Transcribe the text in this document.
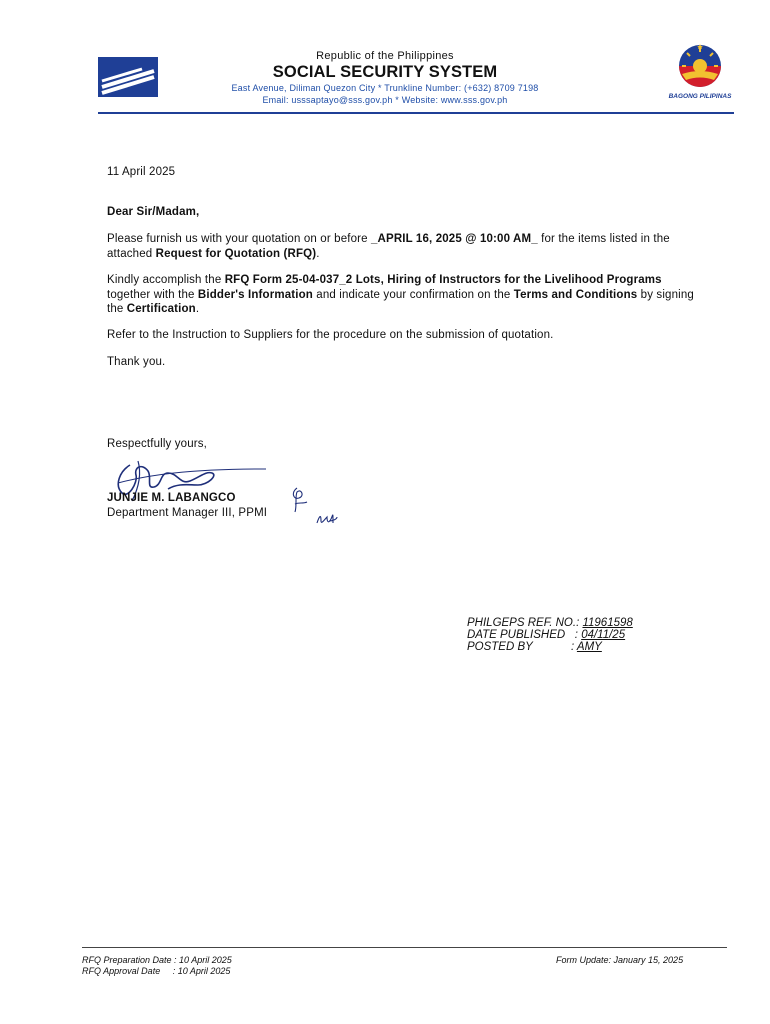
Republic of the Philippines
SOCIAL SECURITY SYSTEM
East Avenue, Diliman Quezon City * Trunkline Number: (+632) 8709 7198
Email: usssaptayo@sss.gov.ph * Website: www.sss.gov.ph	BAGONG PILIPINAS
11 April 2025
Dear Sir/Madam,
Please furnish us with your quotation on or before _APRIL 16, 2025 @ 10:00 AM_ for the items listed in the attached Request for Quotation (RFQ).
Kindly accomplish the RFQ Form 25-04-037_2 Lots, Hiring of Instructors for the Livelihood Programs together with the Bidder's Information and indicate your confirmation on the Terms and Conditions by signing the Certification.
Refer to the Instruction to Suppliers for the procedure on the submission of quotation.
Thank you.
Respectfully yours,
JUNJIE M. LABANGCO
Department Manager III, PPMI
PHILGEPS REF. NO.: 11961598
DATE PUBLISHED   : 04/11/25
POSTED BY            : AMY
RFQ Preparation Date : 10 April 2025
RFQ Approval Date     : 10 April 2025
Form Update: January 15, 2025
